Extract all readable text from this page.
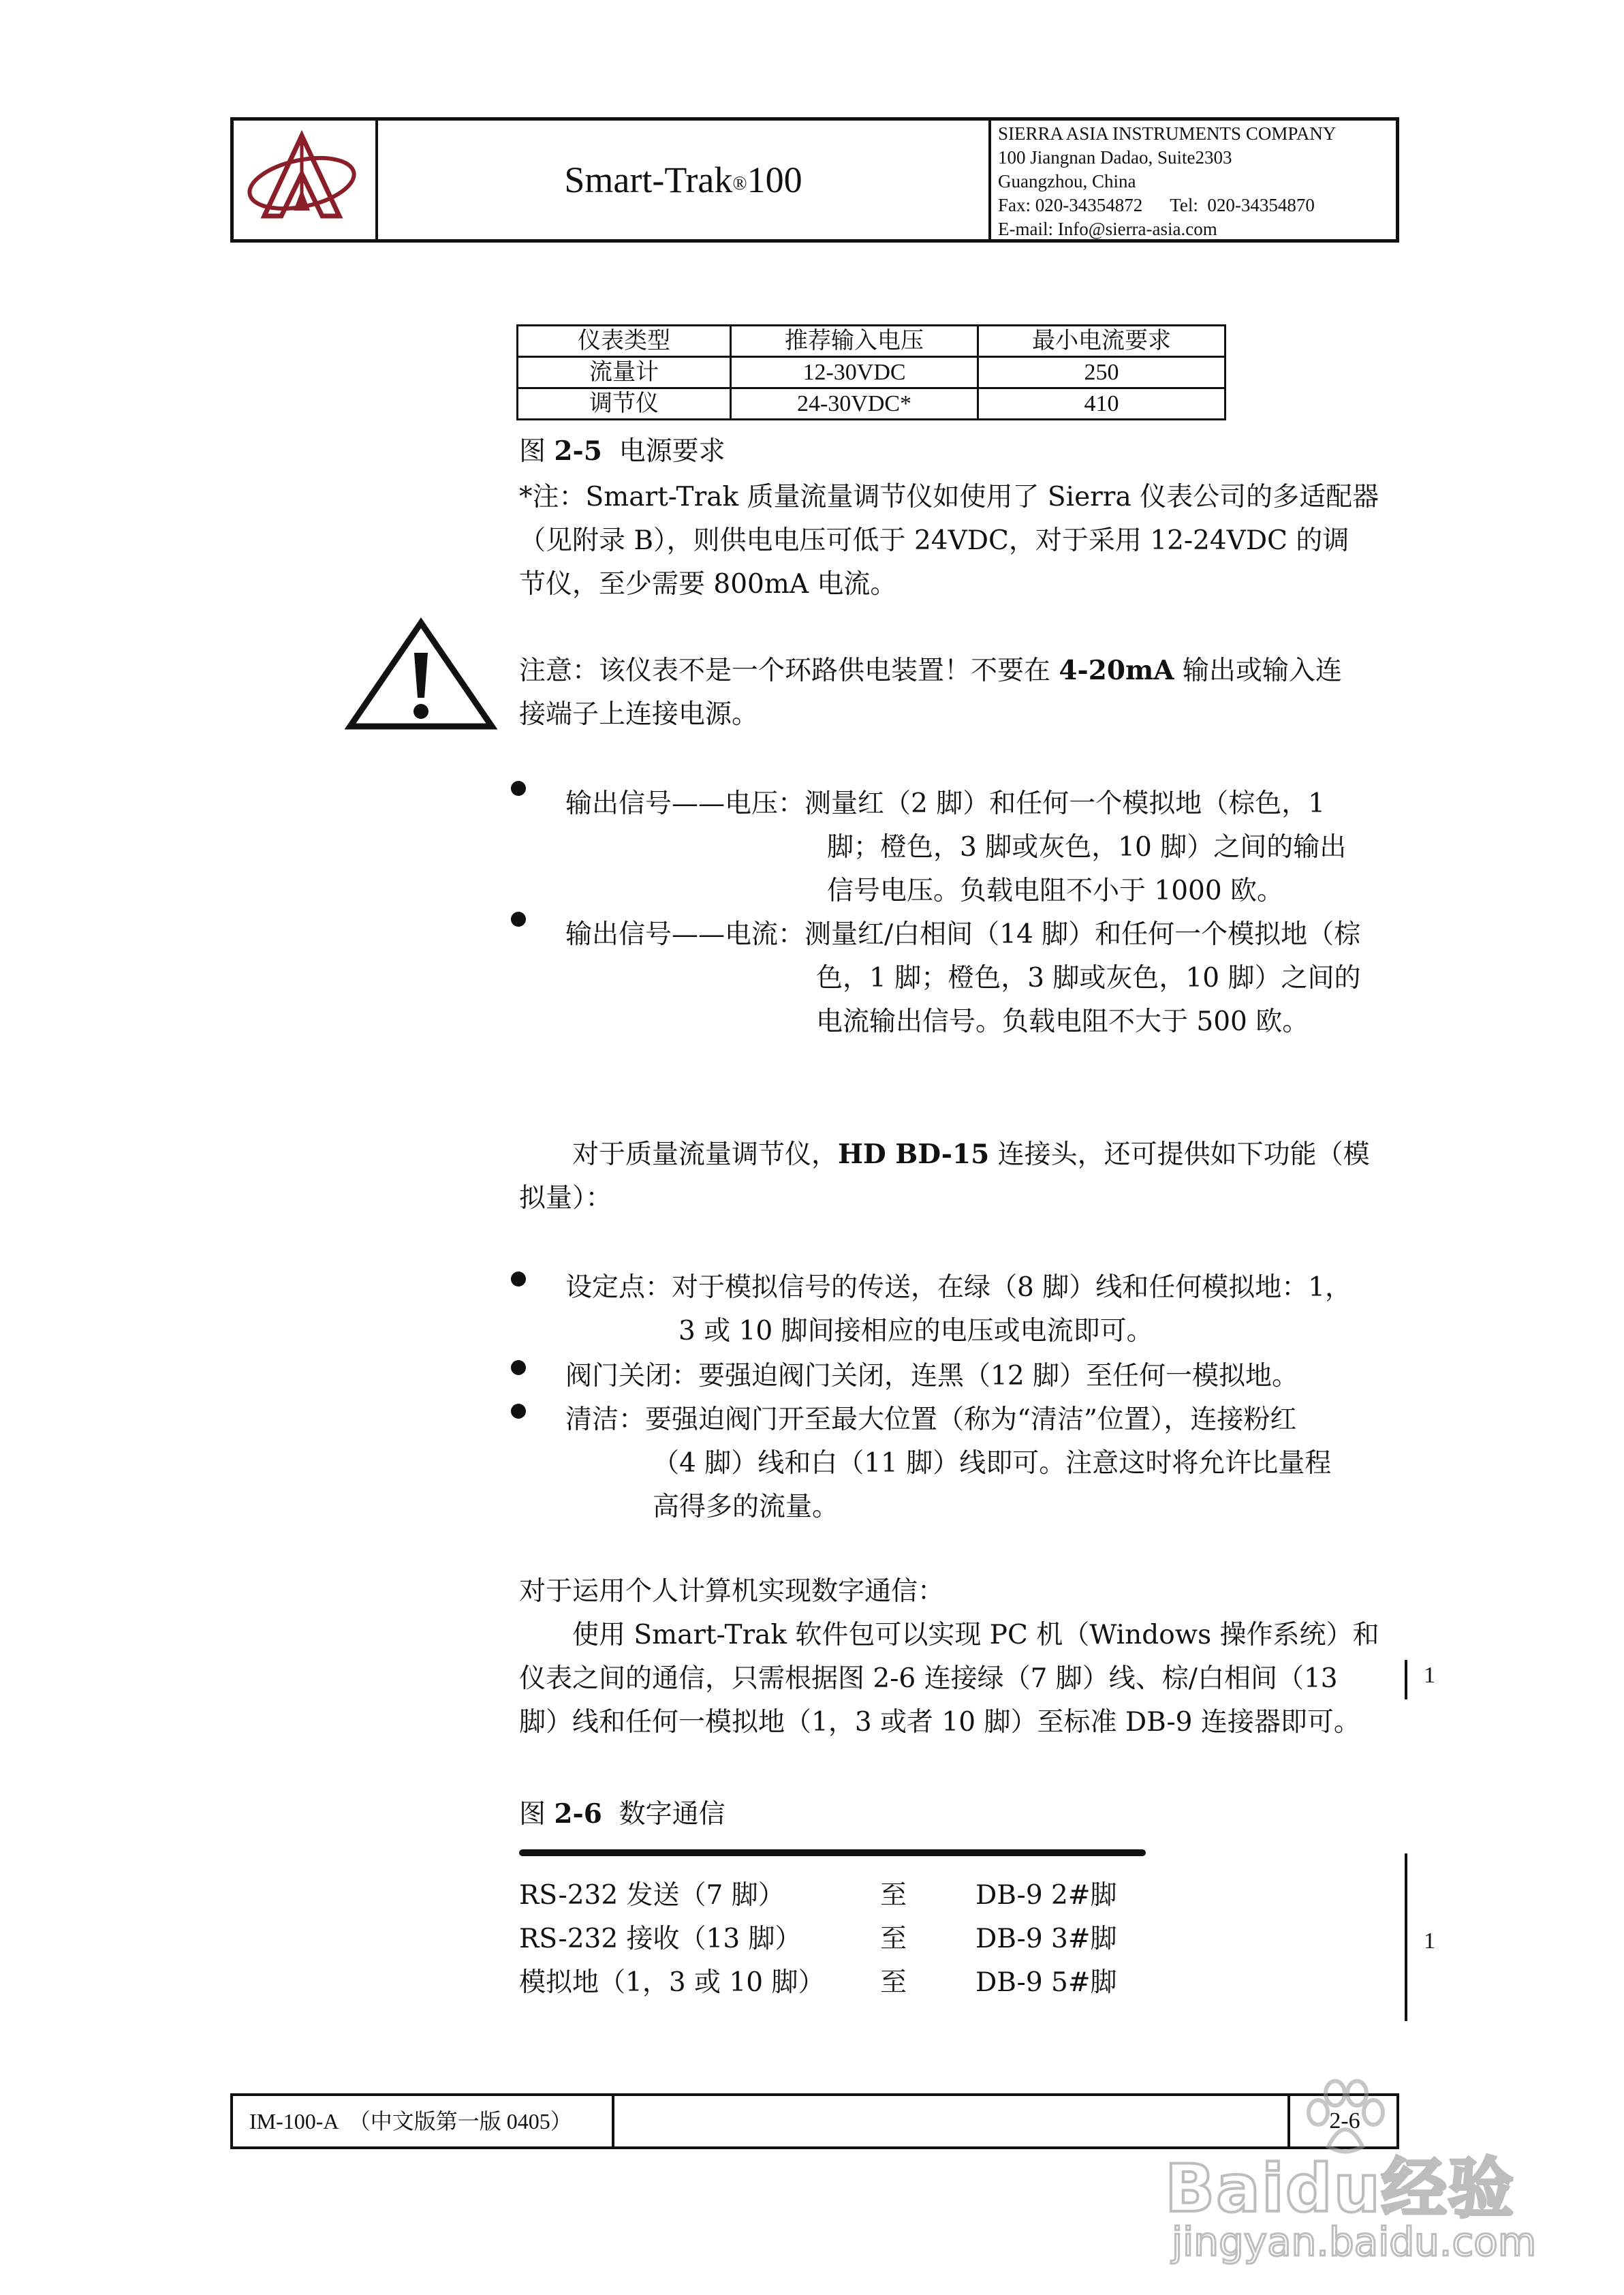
Smart-Trak® 100
SIERRA ASIA INSTRUMENTS COMPANY
100 Jiangnan Dadao, Suite2303
Guangzhou, China
Fax: 020-34354872      Tel:  020-34354870
E-mail: Info@sierra-asia.com
仪表类型	推荐输入电压	最小电流要求
流量计	12-30VDC	250
调节仪	24-30VDC*	410
图 2-5  电源要求
*注：Smart-Trak 质量流量调节仪如使用了 Sierra 仪表公司的多适配器
（见附录 B），则供电电压可低于 24VDC，对于采用 12-24VDC 的调
节仪，至少需要 800mA 电流。
注意：该仪表不是一个环路供电装置！不要在 4-20mA 输出或输入连
接端子上连接电源。
输出信号——电压： 测量红（2 脚）和任何一个模拟地（棕色，1
脚；橙色，3 脚或灰色，10 脚）之间的输出
信号电压。负载电阻不小于 1000 欧。
输出信号——电流： 测量红/白相间（14 脚）和任何一个模拟地（棕
色，1 脚；橙色，3 脚或灰色，10 脚）之间的
电流输出信号。负载电阻不大于 500 欧。
对于质量流量调节仪，HD BD-15 连接头，还可提供如下功能（模
拟量）：
设定点： 对于模拟信号的传送，在绿（8 脚）线和任何模拟地：1，
3 或 10 脚间接相应的电压或电流即可。
阀门关闭： 要强迫阀门关闭，连黑（12 脚）至任何一模拟地。
清洁： 要强迫阀门开至最大位置（称为“清洁”位置），连接粉红
（4 脚）线和白（11 脚）线即可。注意这时将允许比量程
高得多的流量。
对于运用个人计算机实现数字通信：
使用 Smart-Trak 软件包可以实现 PC 机（Windows 操作系统）和
仪表之间的通信，只需根据图 2-6 连接绿（7 脚）线、棕/白相间（13
脚）线和任何一模拟地（1，3 或者 10 脚）至标准 DB-9 连接器即可。
1
图 2-6  数字通信
RS-232 发送（7 脚）	至	DB-9 2#脚
RS-232 接收（13 脚）	至	DB-9 3#脚
模拟地（1，3 或 10 脚） 至	DB-9 5#脚
1
IM-100-A  （中文版第一版 0405）	2-6
Baidu经验
jingyan.baidu.com
